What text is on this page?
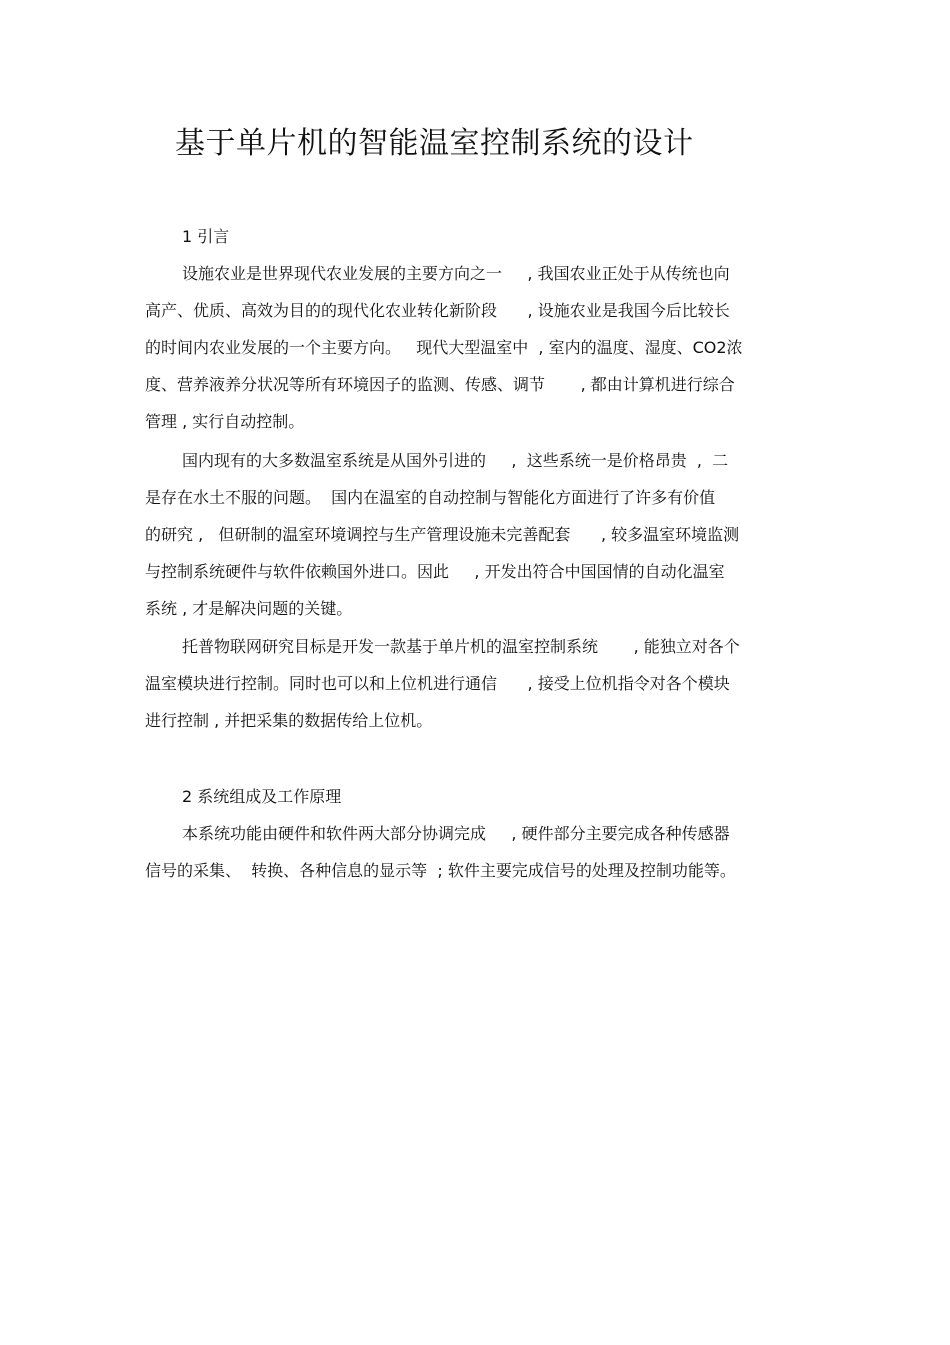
基于单片机的智能温室控制系统的设计
1 引言
设施农业是世界现代农业发展的主要方向之一     , 我国农业正处于从传统也向
高产、优质、高效为目的的现代化农业转化新阶段      , 设施农业是我国今后比较长
的时间内农业发展的一个主要方向。   现代大型温室中  , 室内的温度、湿度、CO2浓
度、营养液养分状况等所有环境因子的监测、传感、调节       , 都由计算机进行综合
管理 , 实行自动控制。
国内现有的大多数温室系统是从国外引进的     ,  这些系统一是价格昂贵  ,  二
是存在水土不服的问题。  国内在温室的自动控制与智能化方面进行了许多有价值
的研究 ,   但研制的温室环境调控与生产管理设施未完善配套      , 较多温室环境监测
与控制系统硬件与软件依赖国外进口。因此     , 开发出符合中国国情的自动化温室
系统 , 才是解决问题的关键。
托普物联网研究目标是开发一款基于单片机的温室控制系统       , 能独立对各个
温室模块进行控制。同时也可以和上位机进行通信      , 接受上位机指令对各个模块
进行控制 , 并把采集的数据传给上位机。
2 系统组成及工作原理
本系统功能由硬件和软件两大部分协调完成     , 硬件部分主要完成各种传感器
信号的采集、  转换、各种信息的显示等  ; 软件主要完成信号的处理及控制功能等。
